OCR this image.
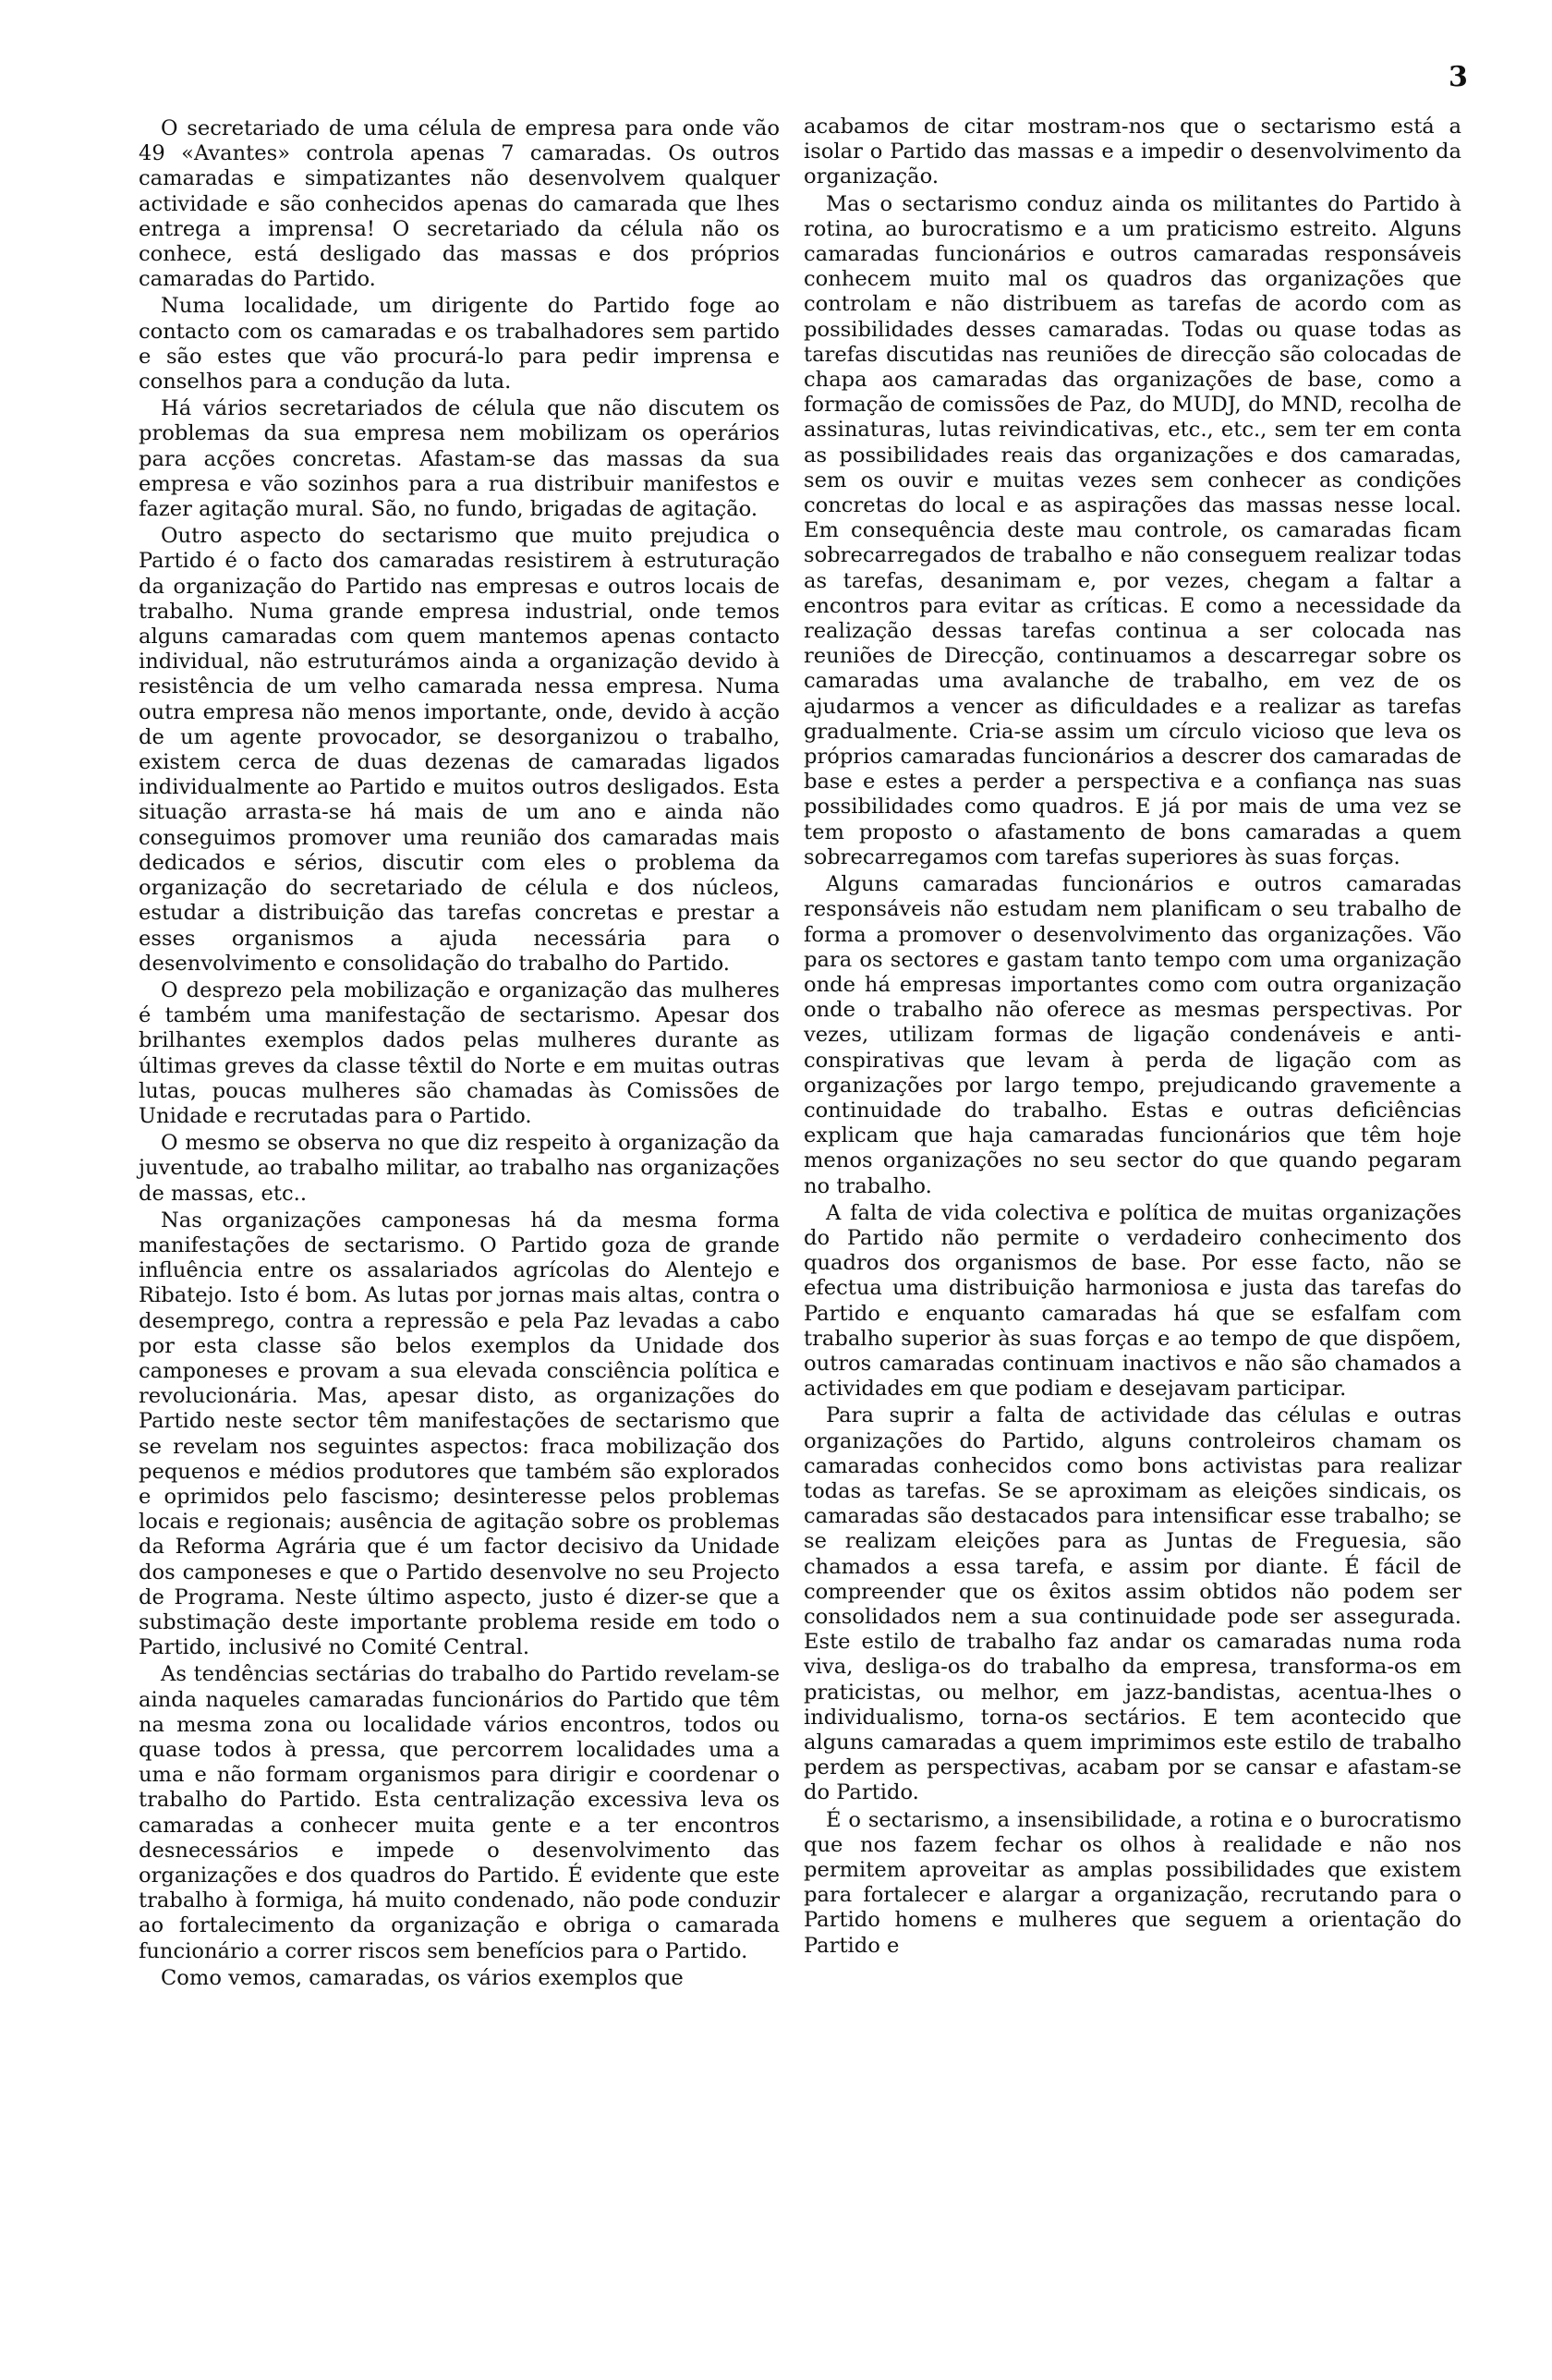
3

O secretariado de uma célula de empresa para onde vão 49 «Avantes» controla apenas 7 camaradas. Os outros camaradas e simpatizantes não desenvolvem qualquer actividade e são conhecidos apenas do camarada que lhes entrega a imprensa! O secretariado da célula não os conhece, está desligado das massas e dos próprios camaradas do Partido.

Numa localidade, um dirigente do Partido foge ao contacto com os camaradas e os trabalhadores sem partido e são estes que vão procurá-lo para pedir imprensa e conselhos para a condução da luta.

Há vários secretariados de célula que não discutem os problemas da sua empresa nem mobilizam os operários para acções concretas. Afastam-se das massas da sua empresa e vão sozinhos para a rua distribuir manifestos e fazer agitação mural. São, no fundo, brigadas de agitação.

Outro aspecto do sectarismo que muito prejudica o Partido é o facto dos camaradas resistirem à estruturação da organização do Partido nas empresas e outros locais de trabalho. Numa grande empresa industrial, onde temos alguns camaradas com quem mantemos apenas contacto individual, não estruturámos ainda a organização devido à resistência de um velho camarada nessa empresa. Numa outra empresa não menos importante, onde, devido à acção de um agente provocador, se desorganizou o trabalho, existem cerca de duas dezenas de camaradas ligados individualmente ao Partido e muitos outros desligados. Esta situação arrasta-se há mais de um ano e ainda não conseguimos promover uma reunião dos camaradas mais dedicados e sérios, discutir com eles o problema da organização do secretariado de célula e dos núcleos, estudar a distribuição das tarefas concretas e prestar a esses organismos a ajuda necessária para o desenvolvimento e consolidação do trabalho do Partido.

O desprezo pela mobilização e organização das mulheres é também uma manifestação de sectarismo. Apesar dos brilhantes exemplos dados pelas mulheres durante as últimas greves da classe têxtil do Norte e em muitas outras lutas, poucas mulheres são chamadas às Comissões de Unidade e recrutadas para o Partido.

O mesmo se observa no que diz respeito à organização da juventude, ao trabalho militar, ao trabalho nas organizações de massas, etc..

Nas organizações camponesas há da mesma forma manifestações de sectarismo. O Partido goza de grande influência entre os assalariados agrícolas do Alentejo e Ribatejo. Isto é bom. As lutas por jornas mais altas, contra o desemprego, contra a repressão e pela Paz levadas a cabo por esta classe são belos exemplos da Unidade dos camponeses e provam a sua elevada consciência política e revolucionária. Mas, apesar disto, as organizações do Partido neste sector têm manifestações de sectarismo que se revelam nos seguintes aspectos: fraca mobilização dos pequenos e médios produtores que também são explorados e oprimidos pelo fascismo; desinteresse pelos problemas locais e regionais; ausência de agitação sobre os problemas da Reforma Agrária que é um factor decisivo da Unidade dos camponeses e que o Partido desenvolve no seu Projecto de Programa. Neste último aspecto, justo é dizer-se que a substimação deste importante problema reside em todo o Partido, inclusivé no Comité Central.

As tendências sectárias do trabalho do Partido revelam-se ainda naqueles camaradas funcionários do Partido que têm na mesma zona ou localidade vários encontros, todos ou quase todos à pressa, que percorrem localidades uma a uma e não formam organismos para dirigir e coordenar o trabalho do Partido. Esta centralização excessiva leva os camaradas a conhecer muita gente e a ter encontros desnecessários e impede o desenvolvimento das organizações e dos quadros do Partido. É evidente que este trabalho à formiga, há muito condenado, não pode conduzir ao fortalecimento da organização e obriga o camarada funcionário a correr riscos sem benefícios para o Partido.

Como vemos, camaradas, os vários exemplos que

acabamos de citar mostram-nos que o sectarismo está a isolar o Partido das massas e a impedir o desenvolvimento da organização.

Mas o sectarismo conduz ainda os militantes do Partido à rotina, ao burocratismo e a um praticismo estreito. Alguns camaradas funcionários e outros camaradas responsáveis conhecem muito mal os quadros das organizações que controlam e não distribuem as tarefas de acordo com as possibilidades desses camaradas. Todas ou quase todas as tarefas discutidas nas reuniões de direcção são colocadas de chapa aos camaradas das organizações de base, como a formação de comissões de Paz, do MUDJ, do MND, recolha de assinaturas, lutas reivindicativas, etc., etc., sem ter em conta as possibilidades reais das organizações e dos camaradas, sem os ouvir e muitas vezes sem conhecer as condições concretas do local e as aspirações das massas nesse local. Em consequência deste mau controle, os camaradas ficam sobrecarregados de trabalho e não conseguem realizar todas as tarefas, desanimam e, por vezes, chegam a faltar a encontros para evitar as críticas. E como a necessidade da realização dessas tarefas continua a ser colocada nas reuniões de Direcção, continuamos a descarregar sobre os camaradas uma avalanche de trabalho, em vez de os ajudarmos a vencer as dificuldades e a realizar as tarefas gradualmente. Cria-se assim um círculo vicioso que leva os próprios camaradas funcionários a descrer dos camaradas de base e estes a perder a perspectiva e a confiança nas suas possibilidades como quadros. E já por mais de uma vez se tem proposto o afastamento de bons camaradas a quem sobrecarregamos com tarefas superiores às suas forças.

Alguns camaradas funcionários e outros camaradas responsáveis não estudam nem planificam o seu trabalho de forma a promover o desenvolvimento das organizações. Vão para os sectores e gastam tanto tempo com uma organização onde há empresas importantes como com outra organização onde o trabalho não oferece as mesmas perspectivas. Por vezes, utilizam formas de ligação condenáveis e anti-conspirativas que levam à perda de ligação com as organizações por largo tempo, prejudicando gravemente a continuidade do trabalho. Estas e outras deficiências explicam que haja camaradas funcionários que têm hoje menos organizações no seu sector do que quando pegaram no trabalho.

A falta de vida colectiva e política de muitas organizações do Partido não permite o verdadeiro conhecimento dos quadros dos organismos de base. Por esse facto, não se efectua uma distribuição harmoniosa e justa das tarefas do Partido e enquanto camaradas há que se esfalfam com trabalho superior às suas forças e ao tempo de que dispõem, outros camaradas continuam inactivos e não são chamados a actividades em que podiam e desejavam participar.

Para suprir a falta de actividade das células e outras organizações do Partido, alguns controleiros chamam os camaradas conhecidos como bons activistas para realizar todas as tarefas. Se se aproximam as eleições sindicais, os camaradas são destacados para intensificar esse trabalho; se se realizam eleições para as Juntas de Freguesia, são chamados a essa tarefa, e assim por diante. É fácil de compreender que os êxitos assim obtidos não podem ser consolidados nem a sua continuidade pode ser assegurada. Este estilo de trabalho faz andar os camaradas numa roda viva, desliga-os do trabalho da empresa, transforma-os em praticistas, ou melhor, em jazz-bandistas, acentua-lhes o individualismo, torna-os sectários. E tem acontecido que alguns camaradas a quem imprimimos este estilo de trabalho perdem as perspectivas, acabam por se cansar e afastam-se do Partido.

É o sectarismo, a insensibilidade, a rotina e o burocratismo que nos fazem fechar os olhos à realidade e não nos permitem aproveitar as amplas possibilidades que existem para fortalecer e alargar a organização, recrutando para o Partido homens e mulheres que seguem a orientação do Partido e
